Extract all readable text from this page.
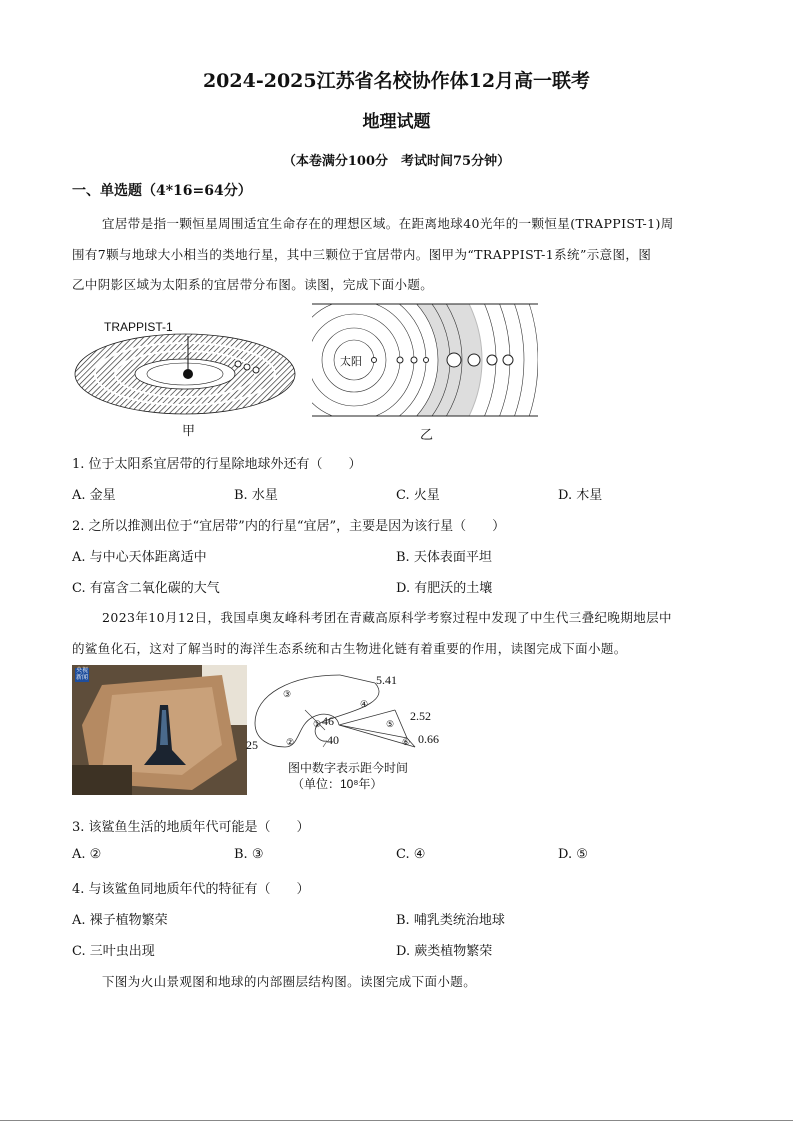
2024-2025江苏省名校协作体12月高一联考
地理试题
（本卷满分100分　考试时间75分钟）
一、单选题（4*16=64分）
宜居带是指一颗恒星周围适宜生命存在的理想区域。在距离地球40光年的一颗恒星(TRAPPIST-1)周
围有7颗与地球大小相当的类地行星，其中三颗位于宜居带内。图甲为“TRAPPIST-1系统”示意图，图
乙中阴影区域为太阳系的宜居带分布图。读图，完成下面小题。
TRAPPIST-1
甲
太阳
乙
1. 位于太阳系宜居带的行星除地球外还有（　　）
A. 金星	B. 水星	C. 火星	D. 木星
2. 之所以推测出位于“宜居带”内的行星“宜居”，主要是因为该行星（　　）
A. 与中心天体距离适中	B. 天体表面平坦
C. 有富含二氧化碳的大气	D. 有肥沃的土壤
2023年10月12日，我国卓奥友峰科考团在青藏高原科学考察过程中发现了中生代三叠纪晚期地层中
的鲨鱼化石，这对了解当时的海洋生态系统和古生物进化链有着重要的作用，读图完成下面小题。
央视新闻	5.41
2.52
0.66
46
40
25
①
②
③
④
⑤
⑥
图中数字表示距今时间
（单位：10⁸年）
3. 该鲨鱼生活的地质年代可能是（　　）
A. ②	B. ③	C. ④	D. ⑤
4. 与该鲨鱼同地质年代的特征有（　　）
A. 裸子植物繁荣	B. 哺乳类统治地球
C. 三叶虫出现	D. 蕨类植物繁荣
下图为火山景观图和地球的内部圈层结构图。读图完成下面小题。
